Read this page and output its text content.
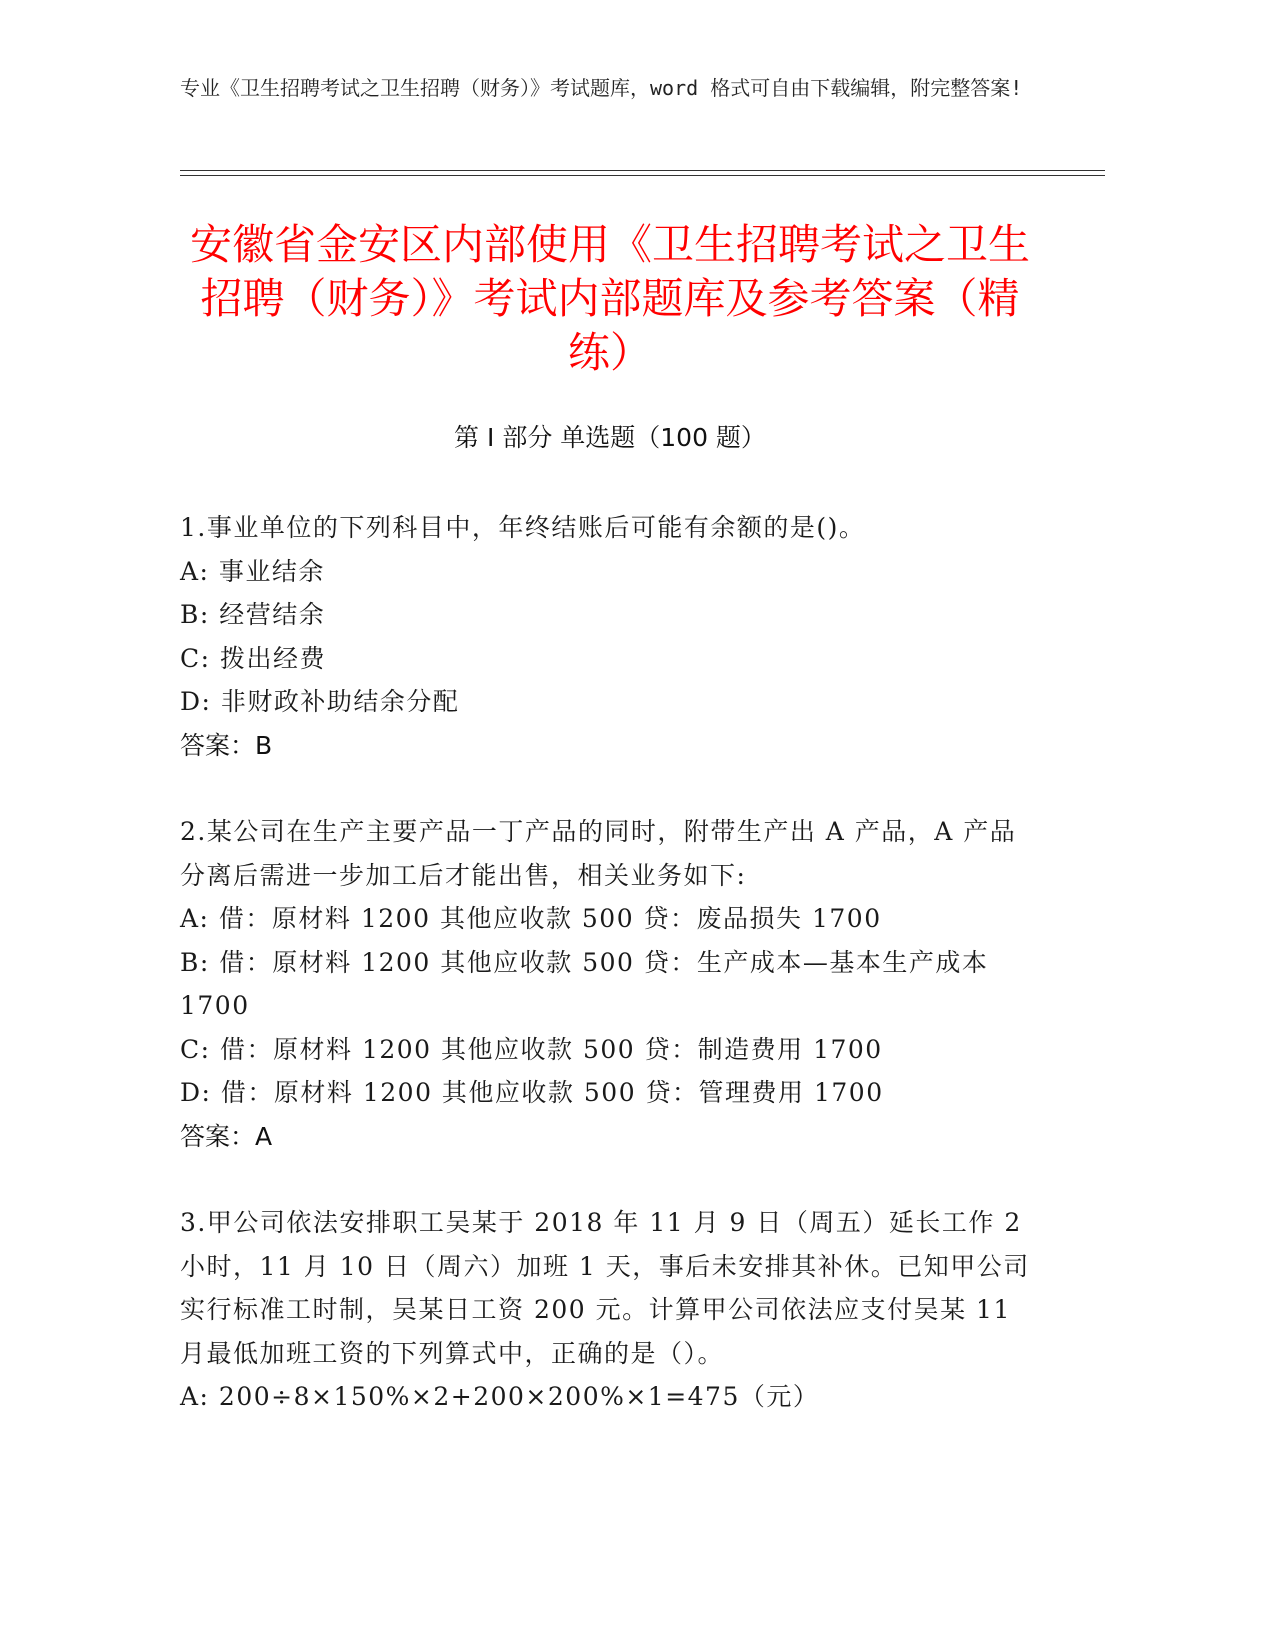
专业《卫生招聘考试之卫生招聘（财务）》考试题库，word 格式可自由下载编辑，附完整答案!

安徽省金安区内部使用《卫生招聘考试之卫生招聘（财务）》考试内部题库及参考答案（精练）
第 I 部分 单选题（100 题）

1.事业单位的下列科目中，年终结账后可能有余额的是()。

A: 事业结余

B: 经营结余

C: 拨出经费

D: 非财政补助结余分配

答案：B

2.某公司在生产主要产品一丁产品的同时，附带生产出 A 产品，A 产品分离后需进一步加工后才能出售，相关业务如下:

A: 借：原材料 1200 其他应收款 500 贷：废品损失 1700

B: 借：原材料 1200 其他应收款 500 贷：生产成本—基本生产成本 1700

C: 借：原材料 1200 其他应收款 500 贷：制造费用 1700

D: 借：原材料 1200 其他应收款 500 贷：管理费用 1700

答案：A

3.甲公司依法安排职工吴某于 2018 年 11 月 9 日（周五）延长工作 2 小时，11 月 10 日（周六）加班 1 天，事后未安排其补休。已知甲公司实行标准工时制，吴某日工资 200 元。计算甲公司依法应支付吴某 11 月最低加班工资的下列算式中，正确的是（）。

A: 200÷8×150%×2+200×200%×1=475（元）
